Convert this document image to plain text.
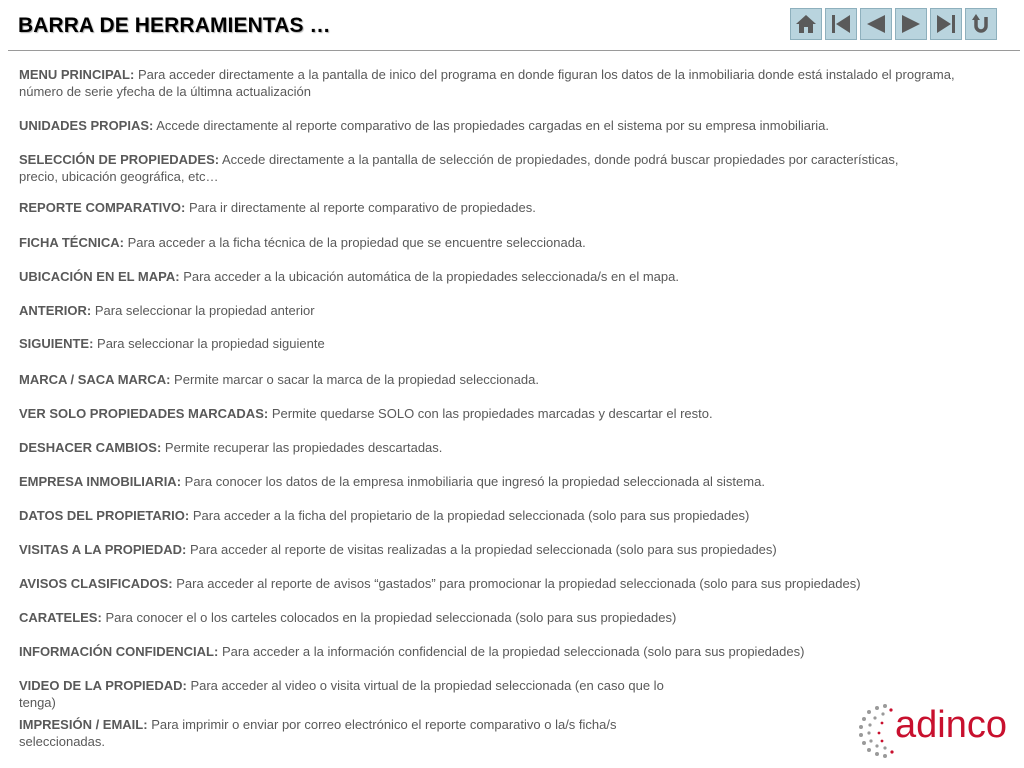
BARRA DE HERRAMIENTAS …

MENU PRINCIPAL: Para acceder directamente a la pantalla de inico del programa en donde figuran los datos de la inmobiliaria donde está instalado el programa, número de serie yfecha de la últimna actualización

UNIDADES PROPIAS: Accede directamente al reporte comparativo de las propiedades cargadas en el sistema por su empresa inmobiliaria.

SELECCIÓN DE PROPIEDADES: Accede directamente a la pantalla de selección de propiedades, donde podrá buscar propiedades por características, precio, ubicación geográfica, etc…

REPORTE COMPARATIVO: Para ir directamente al reporte comparativo de propiedades.

FICHA TÉCNICA: Para acceder a la ficha técnica de la propiedad que se encuentre seleccionada.

UBICACIÓN EN EL MAPA: Para acceder a la ubicación automática de la propiedades seleccionada/s en el mapa.

ANTERIOR: Para seleccionar la propiedad anterior

SIGUIENTE: Para seleccionar la propiedad siguiente

MARCA / SACA MARCA: Permite marcar o sacar la marca de la propiedad seleccionada.

VER SOLO PROPIEDADES MARCADAS: Permite quedarse SOLO con las propiedades marcadas y descartar el resto.

DESHACER CAMBIOS: Permite recuperar las propiedades descartadas.

EMPRESA INMOBILIARIA: Para conocer los datos de la empresa inmobiliaria que ingresó la propiedad seleccionada al sistema.

DATOS DEL PROPIETARIO: Para acceder a la ficha del propietario de la propiedad seleccionada (solo para sus propiedades)

VISITAS A LA PROPIEDAD: Para acceder al reporte de visitas realizadas a la propiedad seleccionada (solo para sus propiedades)

AVISOS CLASIFICADOS: Para acceder al reporte de avisos “gastados” para promocionar la propiedad seleccionada (solo para sus propiedades)

CARATELES: Para conocer el o los carteles colocados en la propiedad seleccionada (solo para sus propiedades)

INFORMACIÓN CONFIDENCIAL: Para acceder a la información confidencial de la propiedad seleccionada (solo para sus propiedades)

VIDEO DE LA PROPIEDAD: Para acceder al video o visita virtual de la propiedad seleccionada (en caso que lo tenga)

IMPRESIÓN / EMAIL: Para imprimir o enviar por correo electrónico el reporte comparativo o la/s ficha/s seleccionadas.	adinco
